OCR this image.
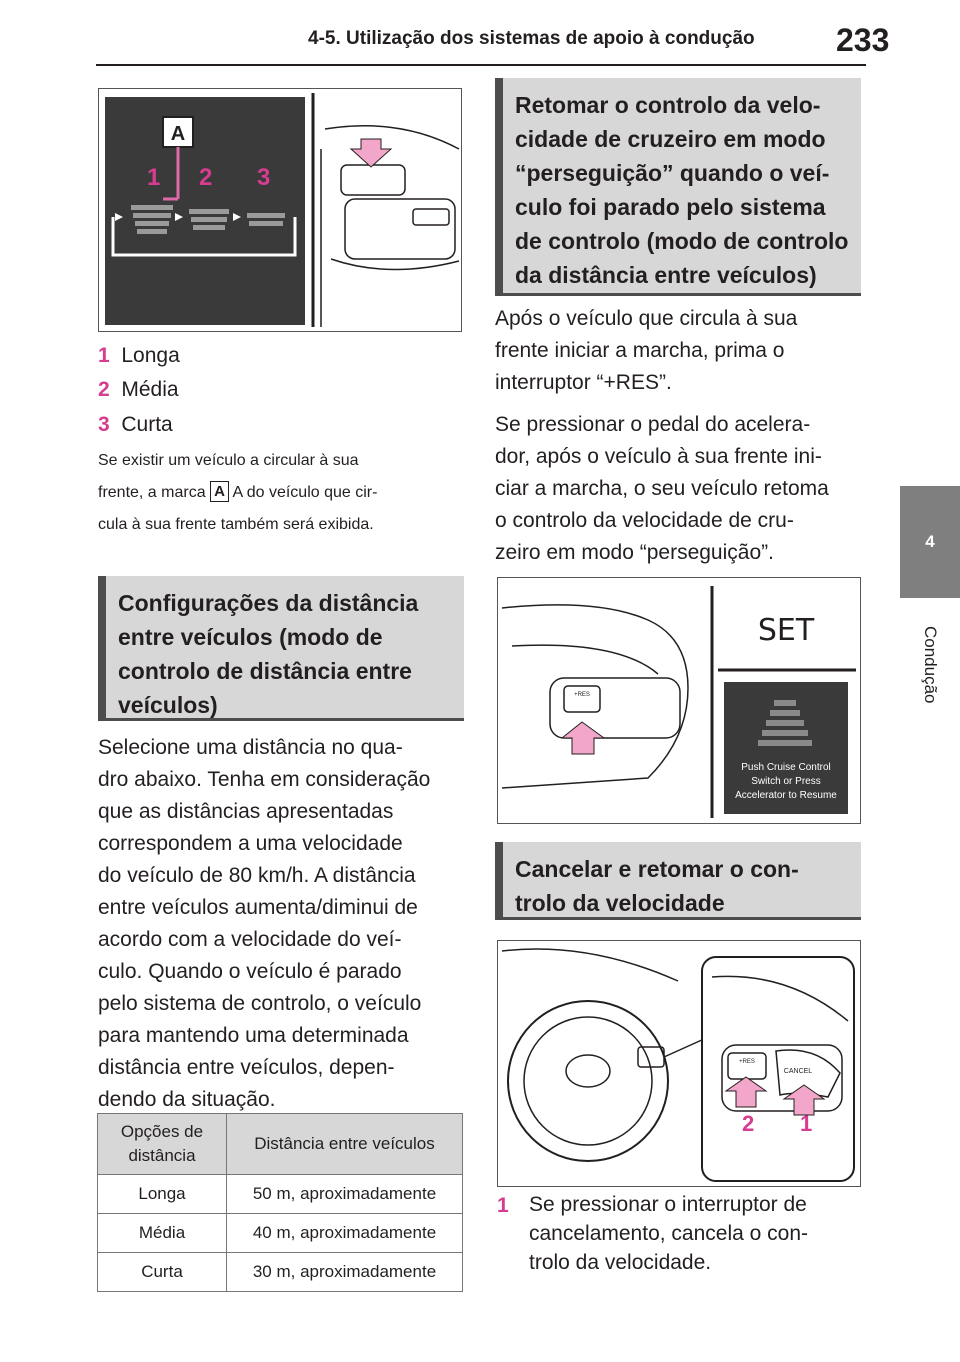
4-5. Utilização dos sistemas de apoio à condução	233
4
Condução
A
1 2 3
1 Longa
2 Média
3 Curta
Se existir um veículo a circular à sua
frente, a marca A A do veículo que cir-
cula à sua frente também será exibida.
Configurações da distância
entre veículos (modo de
controlo de distância entre
veículos)
Selecione uma distância no qua-
dro abaixo. Tenha em consideração
que as distâncias apresentadas
correspondem a uma velocidade
do veículo de 80 km/h. A distância
entre veículos aumenta/diminui de
acordo com a velocidade do veí-
culo. Quando o veículo é parado
pelo sistema de controlo, o veículo
para mantendo uma determinada
distância entre veículos, depen-
dendo da situação.
Opções de distância	Distância entre veículos
Longa	50 m, aproximadamente
Média	40 m, aproximadamente
Curta	30 m, aproximadamente
Retomar o controlo da velo-
cidade de cruzeiro em modo
“perseguição” quando o veí-
culo foi parado pelo sistema
de controlo (modo de controlo
da distância entre veículos)
Após o veículo que circula à sua
frente iniciar a marcha, prima o
interruptor “+RES”.
Se pressionar o pedal do acelera-
dor, após o veículo à sua frente ini-
ciar a marcha, o seu veículo retoma
o controlo da velocidade de cru-
zeiro em modo “perseguição”.
+RES
SET
Push Cruise Control
Switch or Press
Accelerator to Resume
Cancelar e retomar o con-
trolo da velocidade
+RES
CANCEL
2 1
1 Se pressionar o interruptor de
cancelamento, cancela o con-
trolo da velocidade.
